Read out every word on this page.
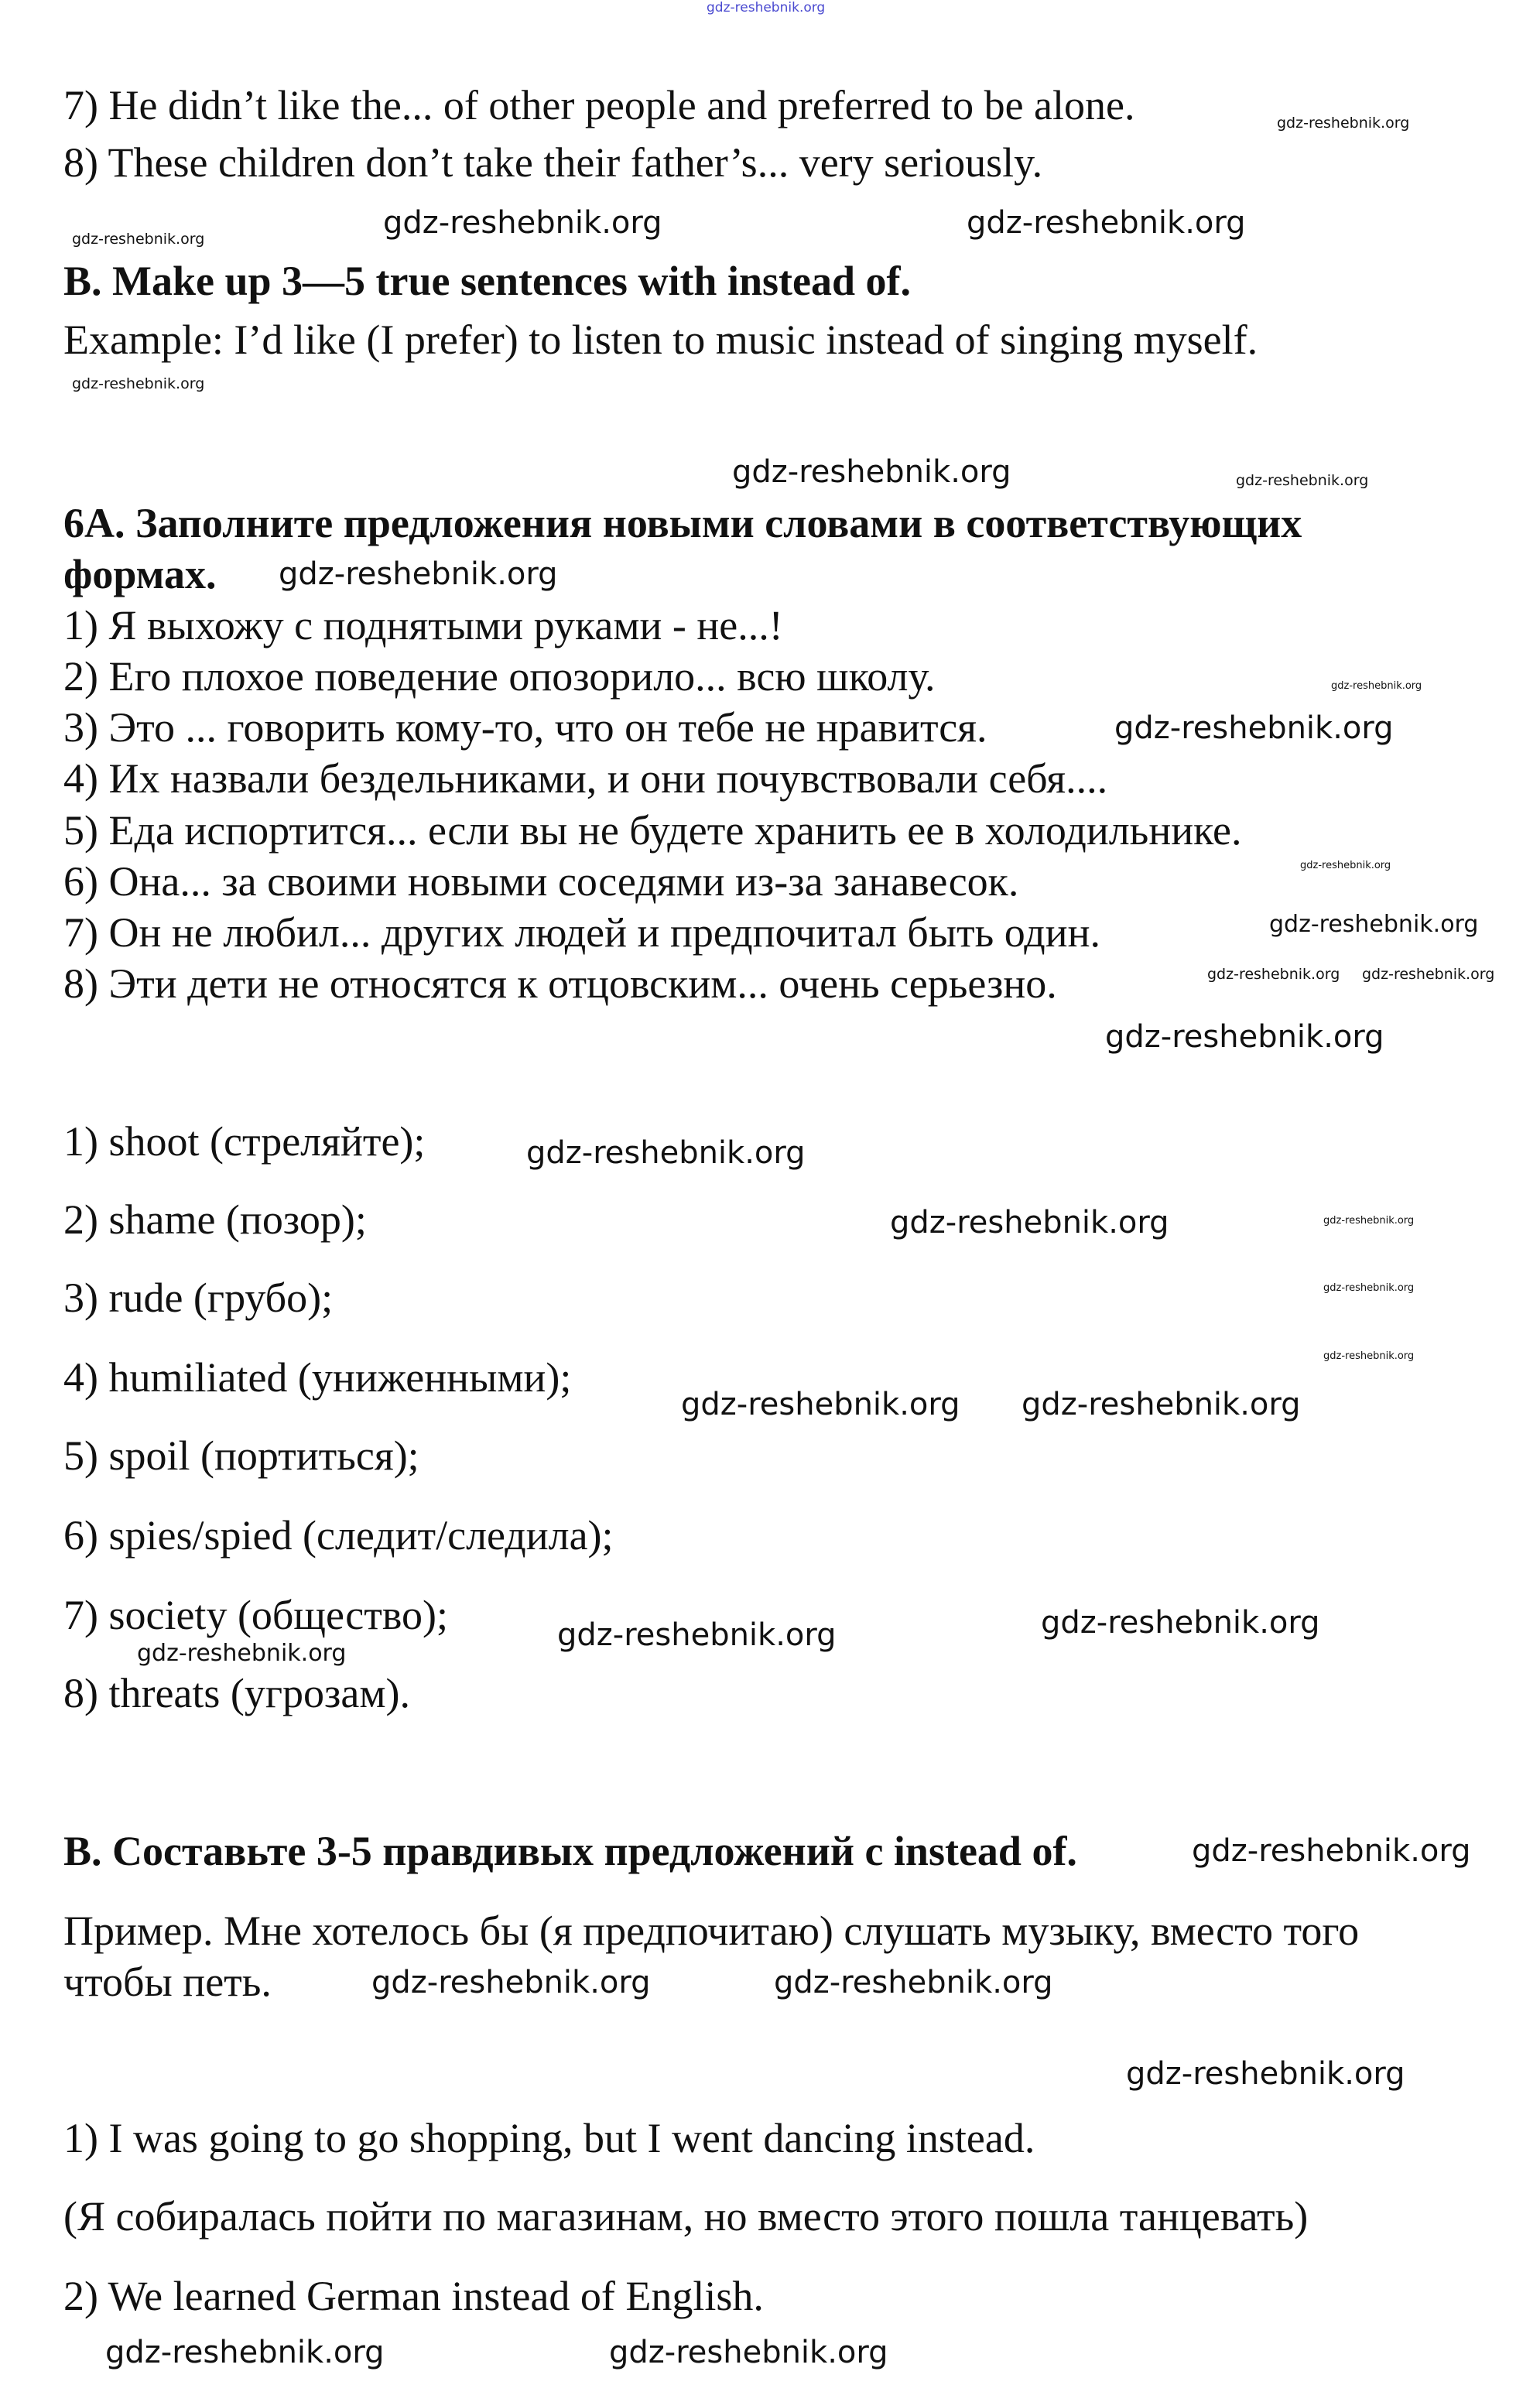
gdz-reshebnik.org
7) He didn’t like the... of other people and preferred to be alone.
8) These children don’t take their father’s... very seriously.
B. Make up 3—5 true sentences with instead of.
Example: I’d like (I prefer) to listen to music instead of singing myself.
6A. Заполните предложения новыми словами в соответствующих
формах.
1) Я выхожу с поднятыми руками - не...!
2) Его плохое поведение опозорило... всю школу.
3) Это ... говорить кому-то, что он тебе не нравится.
4) Их назвали бездельниками, и они почувствовали себя....
5) Еда испортится... если вы не будете хранить ее в холодильнике.
6) Она... за своими новыми соседями из-за занавесок.
7) Он не любил... других людей и предпочитал быть один.
8) Эти дети не относятся к отцовским... очень серьезно.
1) shoot (стреляйте);
2) shame (позор);
3) rude (грубо);
4) humiliated (униженными);
5) spoil (портиться);
6) spies/spied (следит/следила);
7) society (общество);
8) threats (угрозам).
B. Составьте 3-5 правдивых предложений с instead of.
Пример. Мне хотелось бы (я предпочитаю) слушать музыку, вместо того
чтобы петь.
1) I was going to go shopping, but I went dancing instead.
(Я собиралась пойти по магазинам, но вместо этого пошла танцевать)
2) We learned German instead of English.
gdz-reshebnik.org
gdz-reshebnik.org
gdz-reshebnik.org
gdz-reshebnik.org
gdz-reshebnik.org	gdz-reshebnik.org
gdz-reshebnik.org
gdz-reshebnik.org
gdz-reshebnik.org
gdz-reshebnik.org
gdz-reshebnik.org
gdz-reshebnik.org
gdz-reshebnik.org gdz-reshebnik.org
gdz-reshebnik.org	gdz-reshebnik.org
gdz-reshebnik.org
gdz-reshebnik.org	gdz-reshebnik.org
gdz-reshebnik.org
gdz-reshebnik.org	gdz-reshebnik.org
gdz-reshebnik.org
gdz-reshebnik.org
gdz-reshebnik.org
gdz-reshebnik.org
gdz-reshebnik.org gdz-reshebnik.org
gdz-reshebnik.org
gdz-reshebnik.org
gdz-reshebnik.org
